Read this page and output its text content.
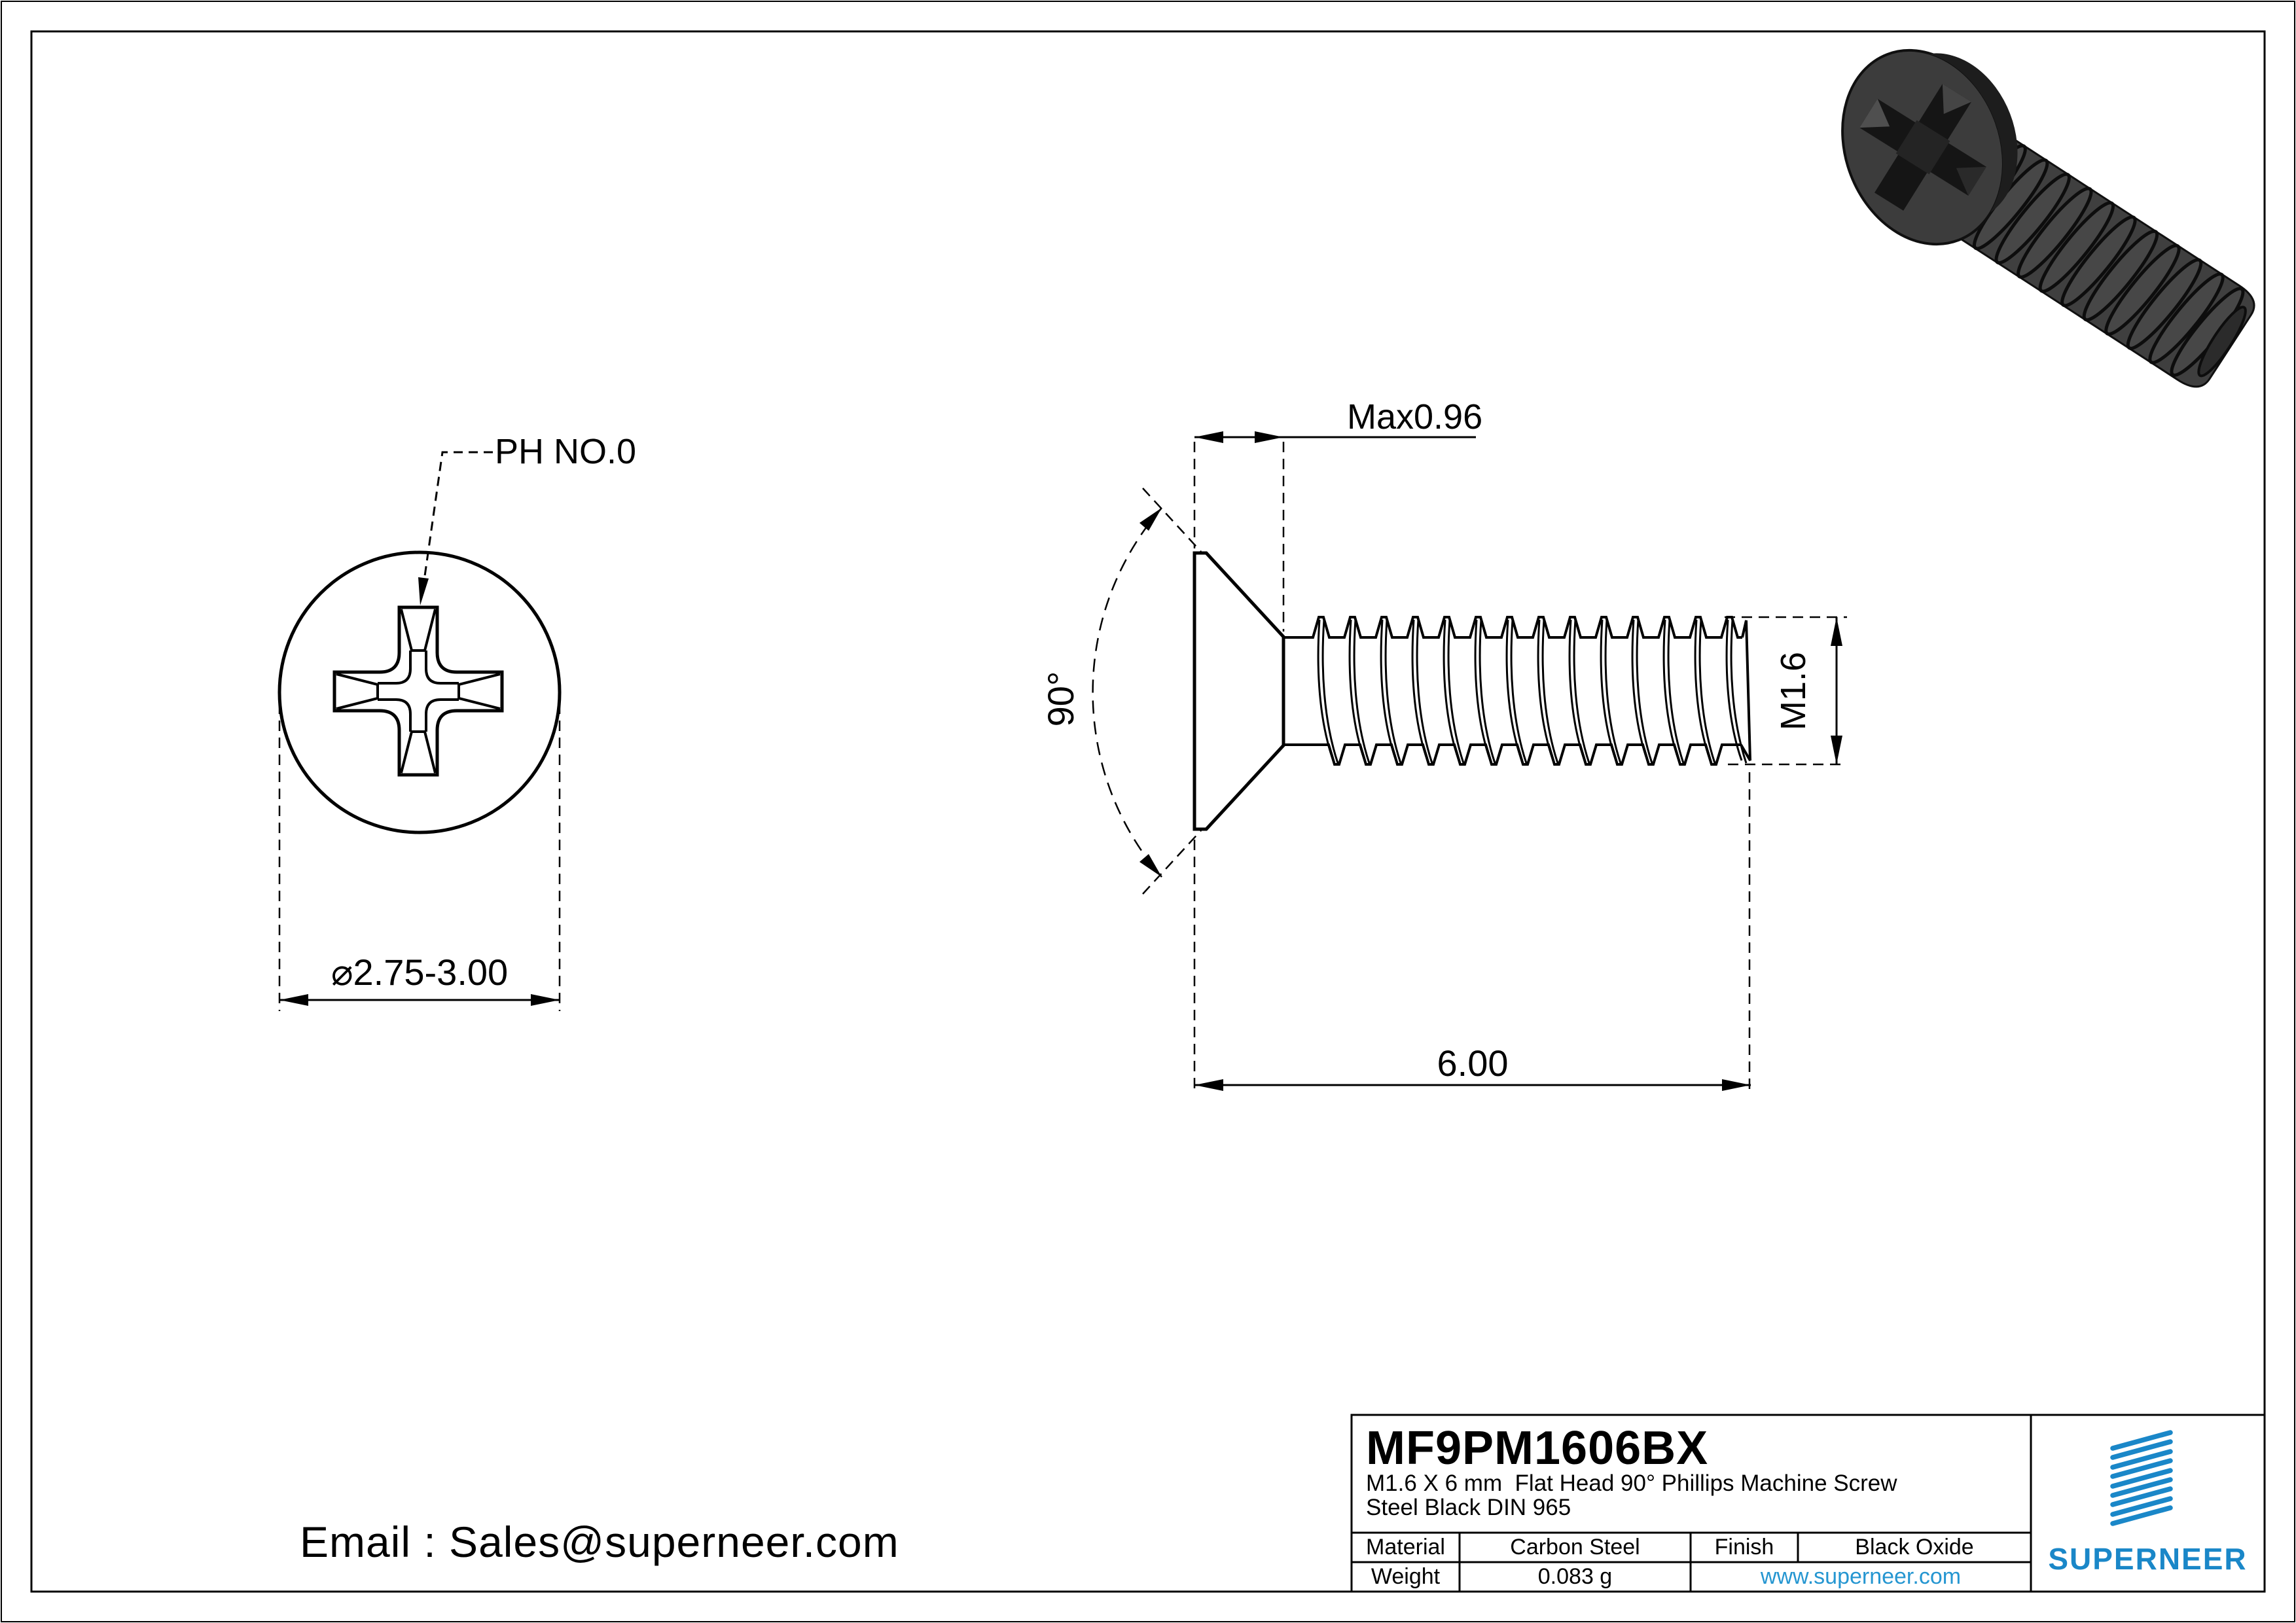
⌀2.75-3.00
PH NO.0
Max0.96
90°	M1.6
6.00
Email : Sales@superneer.com
MF9PM1606BX
M1.6 X 6 mm  Flat Head 90° Phillips Machine Screw
Steel Black DIN 965
Material	Carbon Steel	Finish	Black Oxide
Weight	0.083 g	www.superneer.com
SUPERNEER
